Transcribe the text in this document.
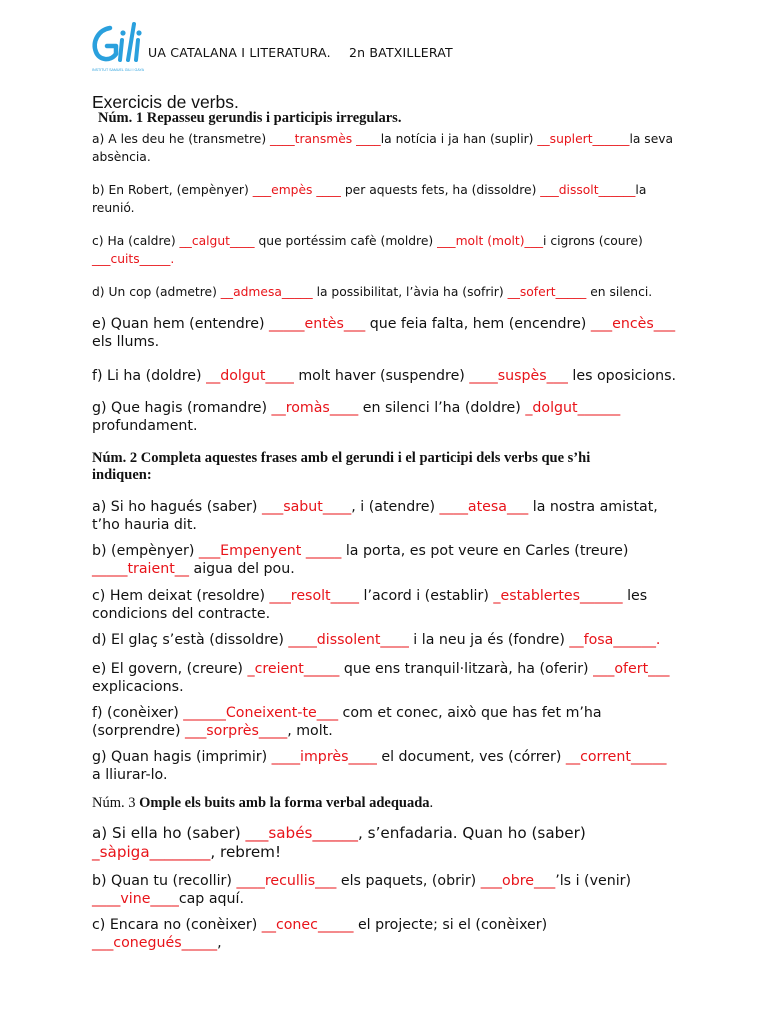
INSTITUT SAMUEL GILI I GAYA
UA CATALANA I LITERATURA. 2n BATXILLERAT
Exercicis de verbs.
Núm. 1 Repasseu gerundis i participis irregulars.
a) A les deu he (transmetre) ____transmès ____la notícia i ja han (suplir) __suplert______la seva absència.
b) En Robert, (empènyer) ___empès ____ per aquests fets, ha (dissoldre) ___dissolt______la reunió.
c) Ha (caldre) __calgut____ que portéssim cafè (moldre) ___molt (molt)___i cigrons (coure) ___cuits_____.
d) Un cop (admetre) __admesa_____ la possibilitat, l’àvia ha (sofrir) __sofert_____ en silenci.
e) Quan hem (entendre) _____entès___ que feia falta, hem (encendre) ___encès___ els llums.
f) Li ha (doldre) __dolgut____ molt haver (suspendre) ____suspès___ les oposicions.
g) Que hagis (romandre) __romàs____ en silenci l’ha (doldre) _dolgut______ profundament.
Núm. 2 Completa aquestes frases amb el gerundi i el participi dels verbs que s’hi indiquen:
a) Si ho hagués (saber) ___sabut____, i (atendre) ____atesa___ la nostra amistat, t’ho hauria dit.
b) (empènyer) ___Empenyent _____ la porta, es pot veure en Carles (treure) _____traient__ aigua del pou.
c) Hem deixat (resoldre) ___resolt____ l’acord i (establir) _establertes______ les condicions del contracte.
d) El glaç s’està (dissoldre) ____dissolent____ i la neu ja és (fondre) __fosa______.
e) El govern, (creure) _creient_____ que ens tranquil·litzarà, ha (oferir) ___ofert___ explicacions.
f) (conèixer) ______Coneixent-te___ com et conec, això que has fet m’ha (sorprendre) ___sorprès____, molt.
g) Quan hagis (imprimir) ____imprès____ el document, ves (córrer) __corrent_____ a lliurar-lo.
Núm. 3 Omple els buits amb la forma verbal adequada.
a) Si ella ho (saber) ___sabés______, s’enfadaria. Quan ho (saber) _sàpiga________, rebrem!
b) Quan tu (recollir) ____recullis___ els paquets, (obrir) ___obre___’ls i (venir) ____vine____cap aquí.
c) Encara no (conèixer) __conec_____ el projecte; si el (conèixer) ___conegués_____,
